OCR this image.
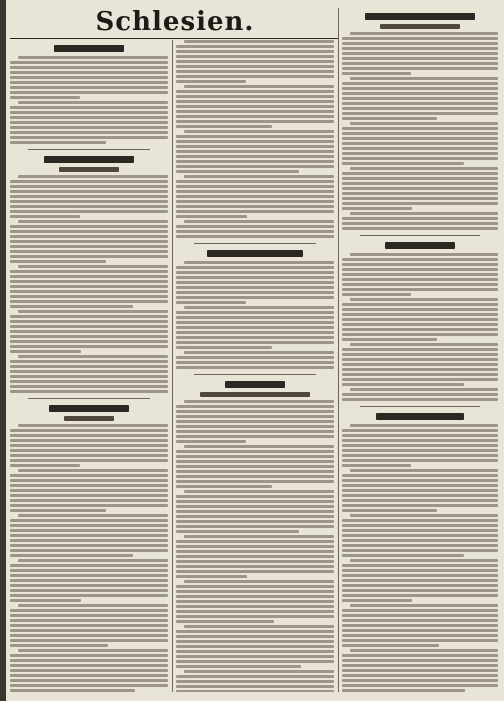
Schlesien.
